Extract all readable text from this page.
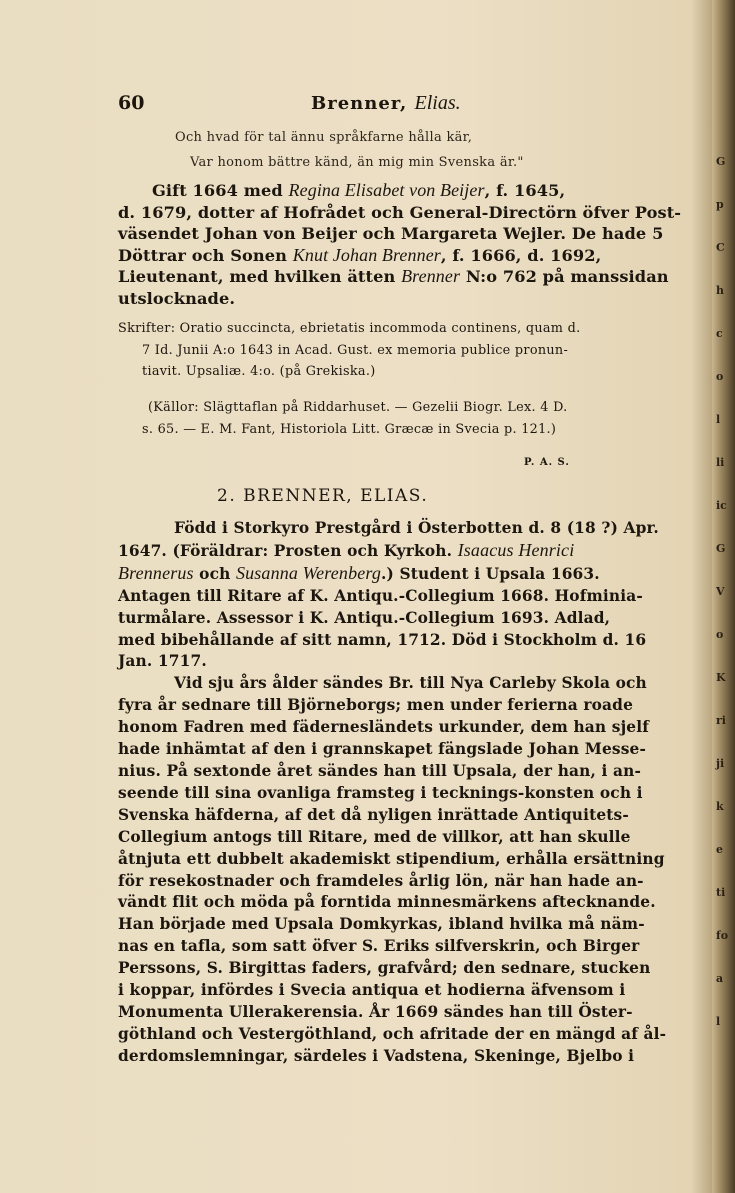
G
p
C
h
c
o
l
li
ic
G
V
o
K
ri
ji
k
e
ti
fo
a
l
60	Brenner, Elias.
Och hvad för tal ännu språkfarne hålla kär,
Var honom bättre känd, än mig min Svenska är."
Gift 1664 med Regina Elisabet von Beijer, f. 1645,
d. 1679, dotter af Hofrådet och General-Directörn öfver Post-
väsendet Johan von Beijer och Margareta Wejler. De hade 5
Döttrar och Sonen Knut Johan Brenner, f. 1666, d. 1692,
Lieutenant, med hvilken ätten Brenner N:o 762 på manssidan
utslocknade.
Skrifter: Oratio succincta, ebrietatis incommoda continens, quam d.
7 Id. Junii A:o 1643 in Acad. Gust. ex memoria publice pronun-
tiavit. Upsaliæ. 4:o. (på Grekiska.)
(Källor: Slägttaflan på Riddarhuset. — Gezelii Biogr. Lex. 4 D.
s. 65. — E. M. Fant, Historiola Litt. Græcæ in Svecia p. 121.)
P. A. S.
2. BRENNER, ELIAS.
Född i Storkyro Prestgård i Österbotten d. 8 (18 ?) Apr.
1647. (Föräldrar: Prosten och Kyrkoh. Isaacus Henrici
Brennerus och Susanna Werenberg.) Student i Upsala 1663.
Antagen till Ritare af K. Antiqu.-Collegium 1668. Hofminia-
turmålare. Assessor i K. Antiqu.-Collegium 1693. Adlad,
med bibehållande af sitt namn, 1712. Död i Stockholm d. 16
Jan. 1717.
Vid sju års ålder sändes Br. till Nya Carleby Skola och
fyra år sednare till Björneborgs; men under ferierna roade
honom Fadren med fädernesländets urkunder, dem han sjelf
hade inhämtat af den i grannskapet fängslade Johan Messe-
nius. På sextonde året sändes han till Upsala, der han, i an-
seende till sina ovanliga framsteg i tecknings-konsten och i
Svenska häfderna, af det då nyligen inrättade Antiquitets-
Collegium antogs till Ritare, med de villkor, att han skulle
åtnjuta ett dubbelt akademiskt stipendium, erhålla ersättning
för resekostnader och framdeles årlig lön, när han hade an-
vändt flit och möda på forntida minnesmärkens aftecknande.
Han började med Upsala Domkyrkas, ibland hvilka må näm-
nas en tafla, som satt öfver S. Eriks silfverskrin, och Birger
Perssons, S. Birgittas faders, grafvård; den sednare, stucken
i koppar, infördes i Svecia antiqua et hodierna äfvensom i
Monumenta Ullerakerensia. År 1669 sändes han till Öster-
göthland och Vestergöthland, och afritade der en mängd af ål-
derdomslemningar, särdeles i Vadstena, Skeninge, Bjelbo i
